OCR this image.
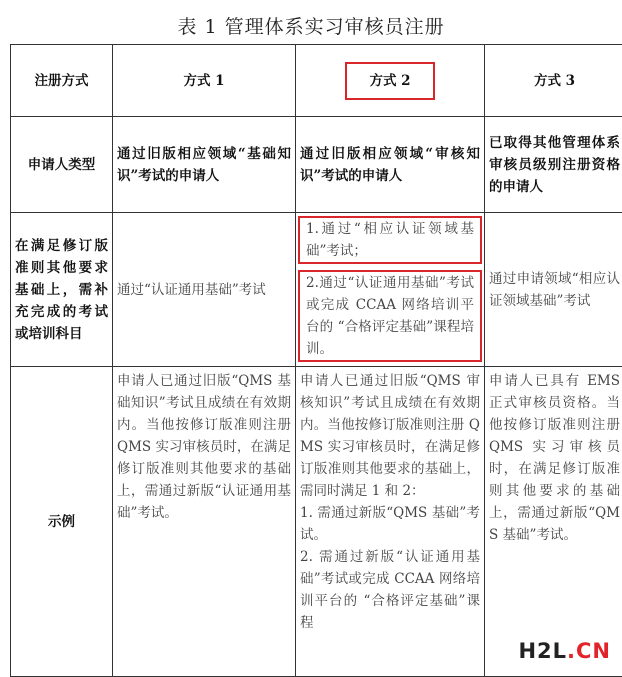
表 1 管理体系实习审核员注册
注册方式	方式 1	方式 2	方式 3
申请人类型	通过旧版相应领域“基础知识”考试的申请人	通过旧版相应领域“审核知识”考试的申请人	已取得其他管理体系审核员级别注册资格的申请人
在满足修订版准则其他要求基础上，需补充完成的考试或培训科目	通过“认证通用基础”考试	1.通过“相应认证领域基础”考试；
2.通过“认证通用基础”考试或完成 CCAA 网络培训平台的 “合格评定基础”课程培训。	通过申请领域“相应认证领域基础”考试
示例	申请人已通过旧版“QMS 基础知识”考试且成绩在有效期内。当他按修订版准则注册 QMS 实习审核员时，在满足修订版准则其他要求的基础上，需通过新版“认证通用基础”考试。	申请人已通过旧版“QMS 审核知识”考试且成绩在有效期内。当他按修订版准则注册 QMS 实习审核员时，在满足修订版准则其他要求的基础上，需同时满足 1 和 2：
1. 需通过新版“QMS 基础”考试。
2. 需通过新版“认证通用基础”考试或完成 CCAA 网络培训平台的 “合格评定基础”课程	申请人已具有 EMS 正式审核员资格。当他按修订版准则注册 QMS 实习审核员时，在满足修订版准则其他要求的基础上，需通过新版“QMS 基础”考试。
H2L.CN
